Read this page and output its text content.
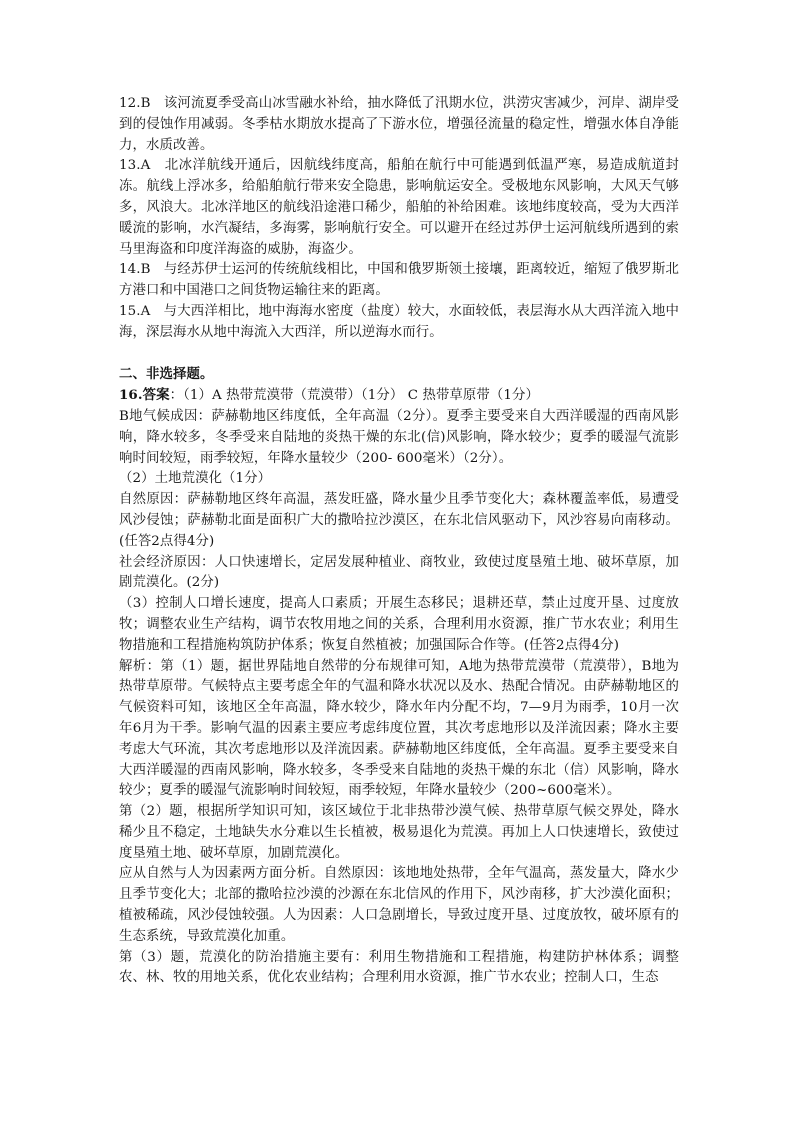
12.B 该河流夏季受高山冰雪融水补给，抽水降低了汛期水位，洪涝灾害减少，河岸、湖岸受到的侵蚀作用减弱。冬季枯水期放水提高了下游水位，增强径流量的稳定性，增强水体自净能力，水质改善。

13.A 北冰洋航线开通后，因航线纬度高，船舶在航行中可能遇到低温严寒，易造成航道封冻。航线上浮冰多，给船舶航行带来安全隐患，影响航运安全。受极地东风影响，大风天气够多，风浪大。北冰洋地区的航线沿途港口稀少，船舶的补给困难。该地纬度较高，受为大西洋暖流的影响，水汽凝结，多海雾，影响航行安全。可以避开在经过苏伊士运河航线所遇到的索马里海盗和印度洋海盗的威胁，海盗少。

14.B 与经苏伊士运河的传统航线相比，中国和俄罗斯领土接壤，距离较近，缩短了俄罗斯北方港口和中国港口之间货物运输往来的距离。

15.A 与大西洋相比，地中海海水密度（盐度）较大，水面较低，表层海水从大西洋流入地中海，深层海水从地中海流入大西洋，所以逆海水而行。

二、非选择题。

16.答案：（1）A 热带荒漠带（荒漠带）（1分） C 热带草原带（1分）

B地气候成因：萨赫勒地区纬度低，全年高温（2分）。夏季主要受来自大西洋暖湿的西南风影响，降水较多，冬季受来自陆地的炎热干燥的东北(信)风影响，降水较少；夏季的暖湿气流影响时间较短，雨季较短，年降水量较少（200- 600毫米）（2分）。

（2）土地荒漠化（1分）

自然原因：萨赫勒地区终年高温，蒸发旺盛，降水量少且季节变化大；森林覆盖率低，易遭受风沙侵蚀；萨赫勒北面是面积广大的撒哈拉沙漠区，在东北信风驱动下，风沙容易向南移动。(任答2点得4分)

社会经济原因：人口快速增长，定居发展种植业、商牧业，致使过度垦殖土地、破坏草原，加剧荒漠化。(2分)

（3）控制人口增长速度，提高人口素质；开展生态移民；退耕还草，禁止过度开垦、过度放牧；调整农业生产结构，调节农牧用地之间的关系，合理利用水资源，推广节水农业；利用生物措施和工程措施构筑防护体系；恢复自然植被；加强国际合作等。(任答2点得4分)

解析：第（1）题，据世界陆地自然带的分布规律可知，A地为热带荒漠带（荒漠带），B地为热带草原带。气候特点主要考虑全年的气温和降水状况以及水、热配合情况。由萨赫勒地区的气候资料可知，该地区全年高温，降水较少，降水年内分配不均，7—9月为雨季，10月一次年6月为干季。影响气温的因素主要应考虑纬度位置，其次考虑地形以及洋流因素；降水主要考虑大气环流，其次考虑地形以及洋流因素。萨赫勒地区纬度低，全年高温。夏季主要受来自大西洋暖湿的西南风影响，降水较多，冬季受来自陆地的炎热干燥的东北（信）风影响，降水较少；夏季的暖湿气流影响时间较短，雨季较短，年降水量较少（200~600毫米）。

第（2）题，根据所学知识可知，该区域位于北非热带沙漠气候、热带草原气候交界处，降水稀少且不稳定，土地缺失水分难以生长植被，极易退化为荒漠。再加上人口快速增长，致使过度垦殖土地、破坏草原，加剧荒漠化。

应从自然与人为因素两方面分析。自然原因：该地地处热带，全年气温高，蒸发量大，降水少且季节变化大；北部的撒哈拉沙漠的沙源在东北信风的作用下，风沙南移，扩大沙漠化面积；植被稀疏，风沙侵蚀较强。人为因素：人口急剧增长，导致过度开垦、过度放牧，破坏原有的生态系统，导致荒漠化加重。

第（3）题，荒漠化的防治措施主要有：利用生物措施和工程措施，构建防护林体系；调整农、林、牧的用地关系，优化农业结构；合理利用水资源，推广节水农业；控制人口，生态
